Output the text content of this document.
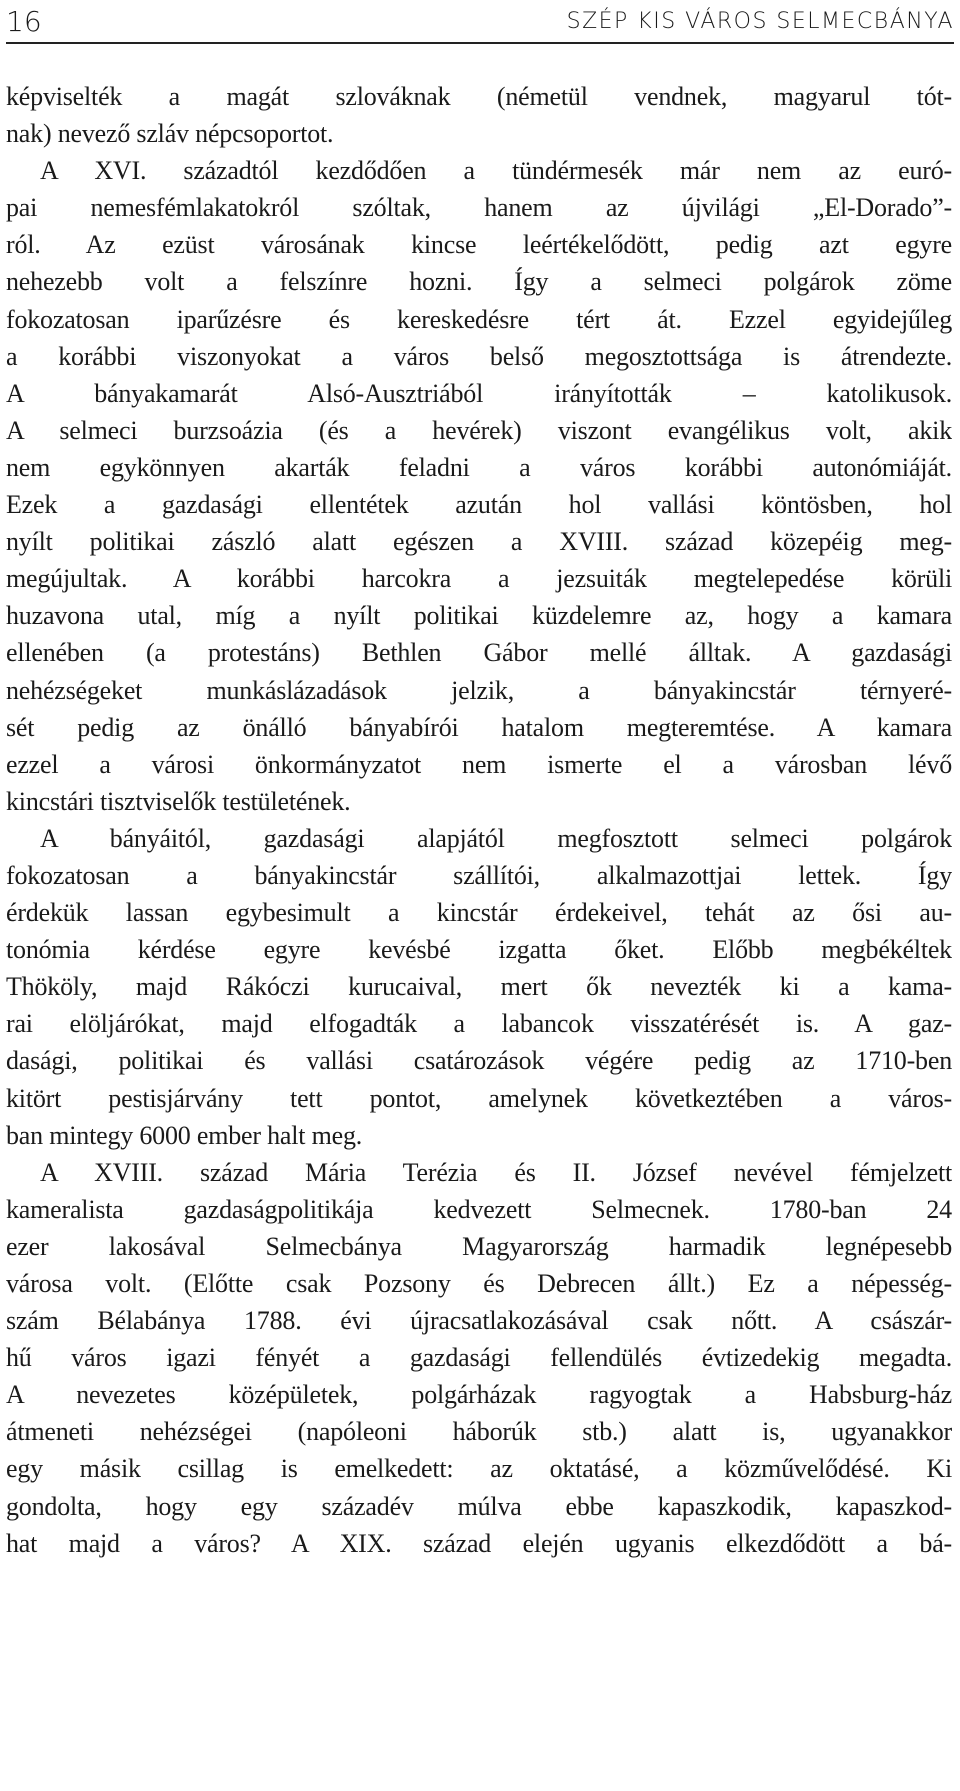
16	SZÉP KIS VÁROS SELMECBÁNYA
képviselték a magát szlováknak (németül vendnek, magyarul tót-
nak) nevező szláv népcsoportot.
A XVI. századtól kezdődően a tündérmesék már nem az euró-
pai nemesfémlakatokról szóltak, hanem az újvilági „El-Dorado”-
ról. Az ezüst városának kincse leértékelődött, pedig azt egyre
nehezebb volt a felszínre hozni. Így a selmeci polgárok zöme
fokozatosan iparűzésre és kereskedésre tért át. Ezzel egyidejűleg
a korábbi viszonyokat a város belső megosztottsága is átrendezte.
A bányakamarát Alsó-Ausztriából irányították – katolikusok.
A selmeci burzsoázia (és a hevérek) viszont evangélikus volt, akik
nem egykönnyen akarták feladni a város korábbi autonómiáját.
Ezek a gazdasági ellentétek azután hol vallási köntösben, hol
nyílt politikai zászló alatt egészen a XVIII. század közepéig meg-
megújultak. A korábbi harcokra a jezsuiták megtelepedése körüli
huzavona utal, míg a nyílt politikai küzdelemre az, hogy a kamara
ellenében (a protestáns) Bethlen Gábor mellé álltak. A gazdasági
nehézségeket munkáslázadások jelzik, a bányakincstár térnyeré-
sét pedig az önálló bányabírói hatalom megteremtése. A kamara
ezzel a városi önkormányzatot nem ismerte el a városban lévő
kincstári tisztviselők testületének.
A bányáitól, gazdasági alapjától megfosztott selmeci polgárok
fokozatosan a bányakincstár szállítói, alkalmazottjai lettek. Így
érdekük lassan egybesimult a kincstár érdekeivel, tehát az ősi au-
tonómia kérdése egyre kevésbé izgatta őket. Előbb megbékéltek
Thököly, majd Rákóczi kurucaival, mert ők nevezték ki a kama-
rai elöljárókat, majd elfogadták a labancok visszatérését is. A gaz-
dasági, politikai és vallási csatározások végére pedig az 1710-ben
kitört pestisjárvány tett pontot, amelynek következtében a város-
ban mintegy 6000 ember halt meg.
A XVIII. század Mária Terézia és II. József nevével fémjelzett
kameralista gazdaságpolitikája kedvezett Selmecnek. 1780-ban 24
ezer lakosával Selmecbánya Magyarország harmadik legnépesebb
városa volt. (Előtte csak Pozsony és Debrecen állt.) Ez a népesség-
szám Bélabánya 1788. évi újracsatlakozásával csak nőtt. A császár-
hű város igazi fényét a gazdasági fellendülés évtizedekig megadta.
A nevezetes középületek, polgárházak ragyogtak a Habsburg-ház
átmeneti nehézségei (napóleoni háborúk stb.) alatt is, ugyanakkor
egy másik csillag is emelkedett: az oktatásé, a közművelődésé. Ki
gondolta, hogy egy századév múlva ebbe kapaszkodik, kapaszkod-
hat majd a város? A XIX. század elején ugyanis elkezdődött a bá-
